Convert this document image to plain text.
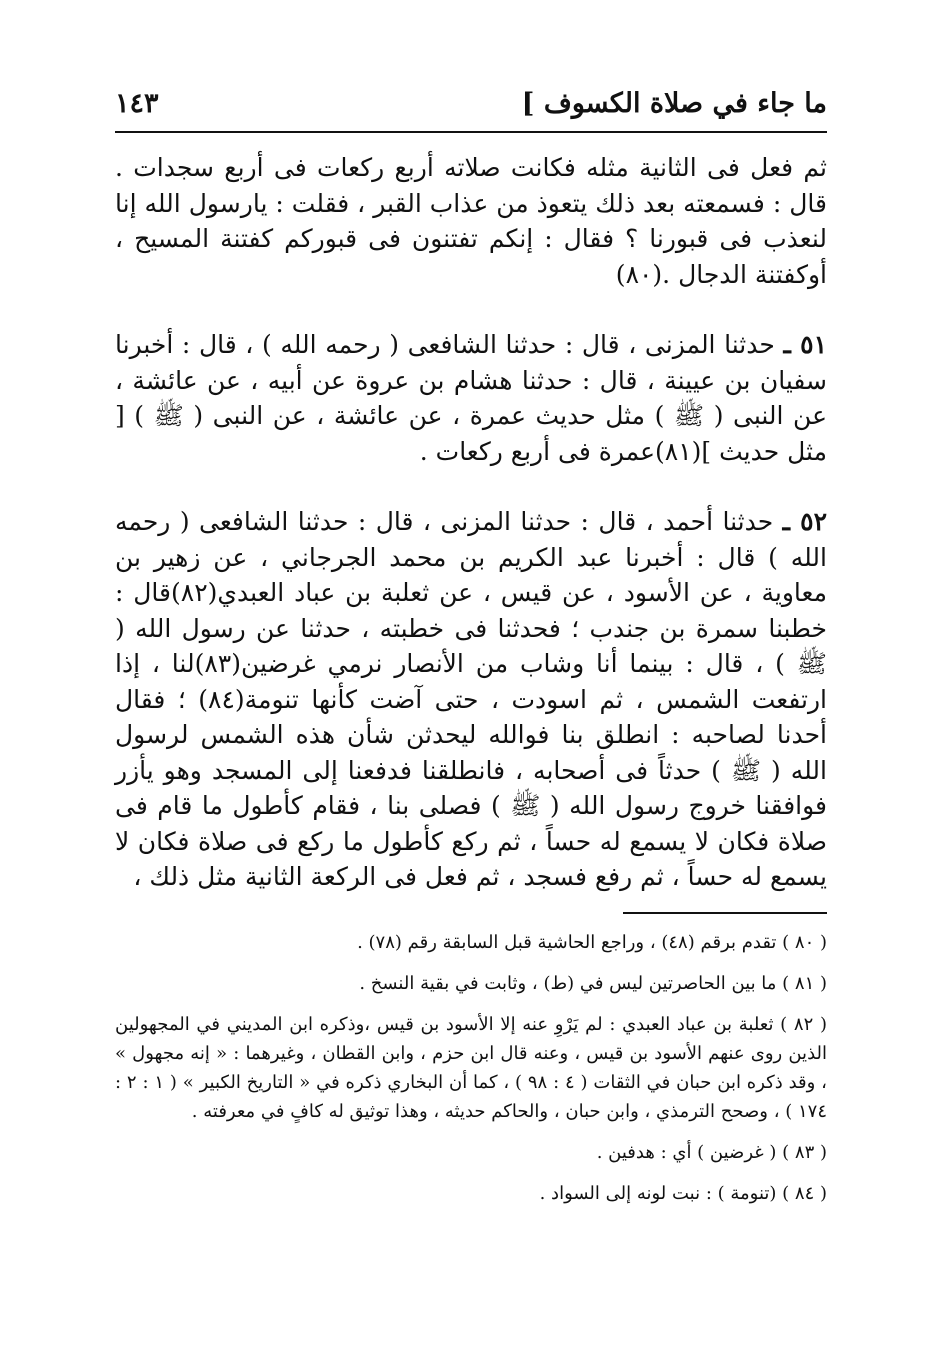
ما جاء في صلاة الكسوف ]
١٤٣

ثم فعل فى الثانية مثله فكانت صلاته أربع ركعات فى أربع سجدات . قال : فسمعته بعد ذلك يتعوذ من عذاب القبر ، فقلت : يارسول الله إنا لنعذب فى قبورنا ؟ فقال : إنكم تفتنون فى قبوركم كفتنة المسيح ، أوكفتنة الدجال .(٨٠)

٥١ ـ حدثنا المزنى ، قال : حدثنا الشافعى ( رحمه الله ) ، قال : أخبرنا سفيان بن عيينة ، قال : حدثنا هشام بن عروة عن أبيه ، عن عائشة ، عن النبى ( ﷺ ) مثل حديث عمرة ، عن عائشة ، عن النبى ( ﷺ ) [ مثل حديث ](٨١)عمرة فى أربع ركعات .

٥٢ ـ حدثنا أحمد ، قال : حدثنا المزنى ، قال : حدثنا الشافعى ( رحمه الله ) قال : أخبرنا عبد الكريم بن محمد الجرجاني ، عن زهير بن معاوية ، عن الأسود ، عن قيس ، عن ثعلبة بن عباد العبدي(٨٢)قال : خطبنا سمرة بن جندب ؛ فحدثنا فى خطبته ، حدثنا عن رسول الله ( ﷺ ) ، قال : بينما أنا وشاب من الأنصار نرمي غرضين(٨٣)لنا ، إذا ارتفعت الشمس ، ثم اسودت ، حتى آضت كأنها تنومة(٨٤) ؛ فقال أحدنا لصاحبه : انطلق بنا فوالله ليحدثن شأن هذه الشمس لرسول الله ( ﷺ ) حدثاً فى أصحابه ، فانطلقنا فدفعنا إلى المسجد وهو يأزر فوافقنا خروج رسول الله ( ﷺ ) فصلى بنا ، فقام كأطول ما قام فى صلاة فكان لا يسمع له حساً ، ثم ركع كأطول ما ركع فى صلاة فكان لا يسمع له حساً ، ثم رفع فسجد ، ثم فعل فى الركعة الثانية مثل ذلك ،

( ٨٠ ) تقدم برقم (٤٨) ، وراجع الحاشية قبل السابقة رقم (٧٨) .

( ٨١ ) ما بين الحاصرتين ليس في (ط) ، وثابت في بقية النسخ .

( ٨٢ ) ثعلبة بن عباد العبدي : لم يَرْوِ عنه إلا الأسود بن قيس ،وذكره ابن المديني في المجهولين الذين روى عنهم الأسود بن قيس ، وعنه قال ابن حزم ، وابن القطان ، وغيرهما : « إنه مجهول » ، وقد ذكره ابن حبان في الثقات ( ٤ : ٩٨ ) ، كما أن البخاري ذكره في « التاريخ الكبير » ( ١ : ٢ : ١٧٤ ) ، وصحح الترمذي ، وابن حبان ، والحاكم حديثه ، وهذا توثيق له كافٍ في معرفته .

( ٨٣ ) ( غرضين ) أي : هدفين .

( ٨٤ ) (تنومة ) : نبت لونه إلى السواد .
